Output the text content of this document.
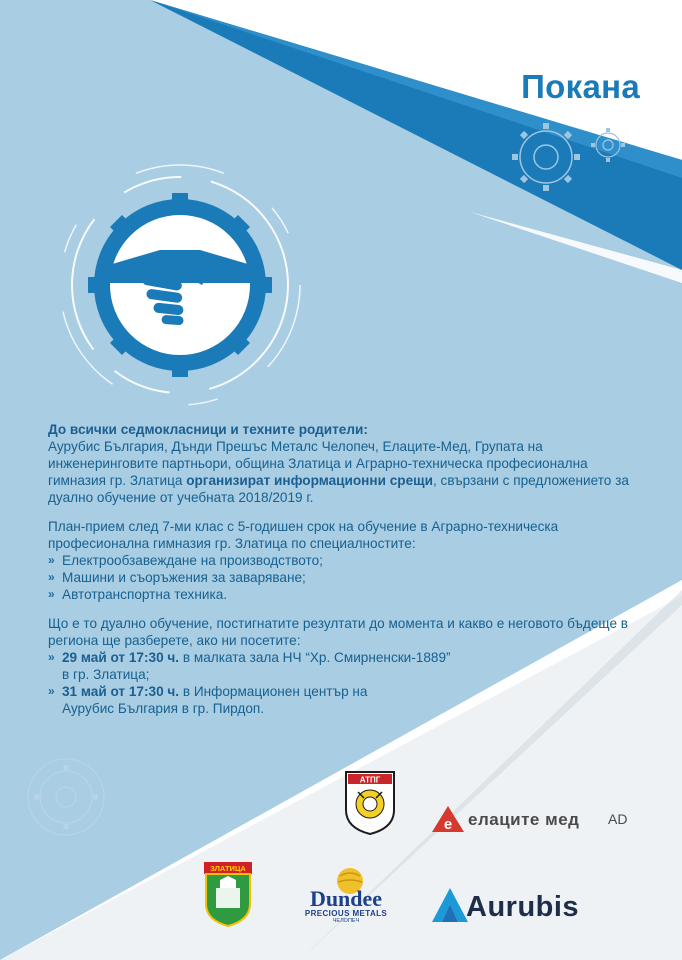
Покана

До всички седмокласници и техните родители:
Аурубис България, Дънди Прешъс Металс Челопеч, Елаците-Мед, Групата на инженеринговите партньори, община Златица и Аграрно-техническа професионална гимназия гр. Златица организират информационни срещи, свързани с предложението за дуално обучение от учебната 2018/2019 г.

План-прием след 7-ми клас с 5-годишен срок на обучение в Аграрно-техническа професионална гимназия гр. Златица по специалностите:
» Електрообзавеждане на производството;
» Машини и съоръжения за заваряване;
» Автотранспортна техника.

Що е то дуално обучение, постигнатите резултати до момента и какво е неговото бъдеще в региона ще разберете, ако ни посетите:
» 29 май от 17:30 ч. в малката зала НЧ “Хр. Смирненски-1889”
в гр. Златица;
» 31 май от 17:30 ч. в Информационен център на
Аурубис България в гр. Пирдоп.

АТПГ
e елаците мед AD
ЗЛАТИЦА
Dundee
PRECIOUS METALS
ЧЕЛОПЕЧ	Aurubis
